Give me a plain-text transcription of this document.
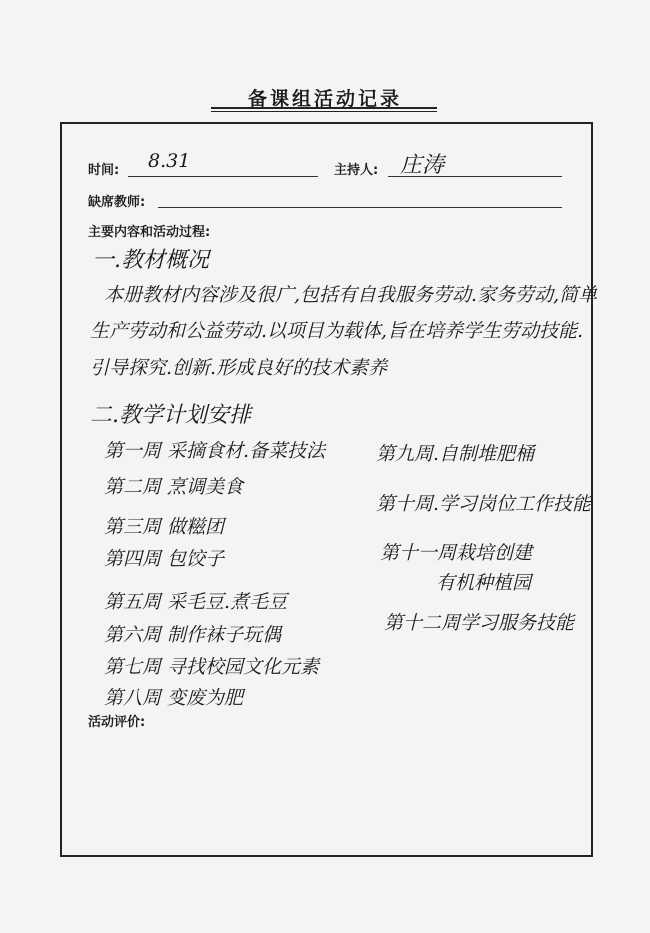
备课组活动记录
时间: 8.31	主持人: 庄涛
缺席教师:
主要内容和活动过程:
一.教材概况
本册教材内容涉及很广,包括有自我服务劳动.家务劳动,简单
生产劳动和公益劳动.以项目为载体,旨在培养学生劳动技能.
引导探究.创新.形成良好的技术素养
二.教学计划安排
第一周 采摘食材.备菜技法
第二周 烹调美食
第三周 做糍团
第四周 包饺子
第五周 采毛豆.煮毛豆
第六周 制作袜子玩偶
第七周 寻找校园文化元素
第八周 变废为肥
第九周.自制堆肥桶
第十周.学习岗位工作技能
第十一周栽培创建
有机种植园
第十二周学习服务技能
活动评价:
